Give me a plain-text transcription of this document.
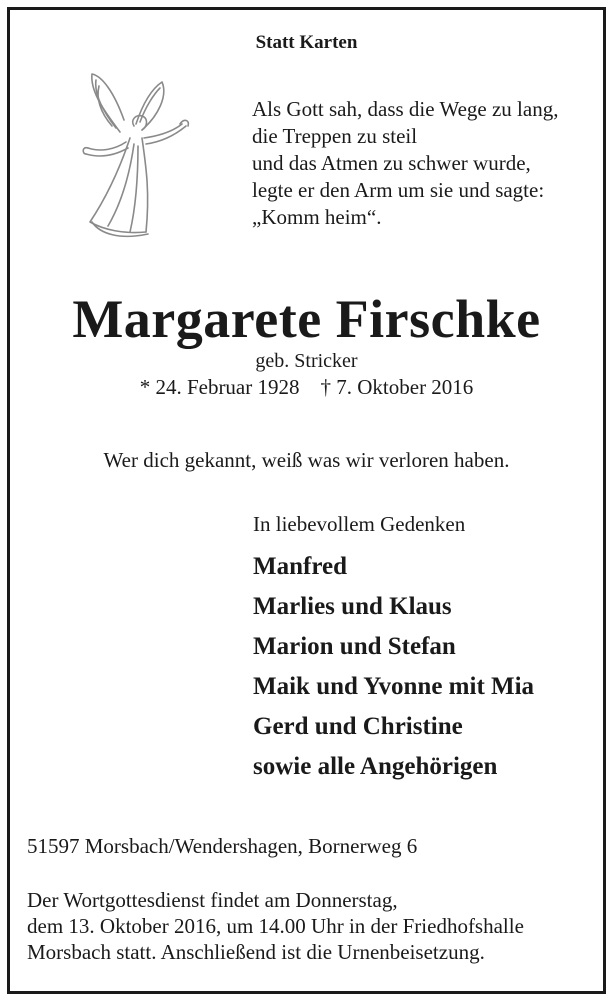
Statt Karten
Als Gott sah, dass die Wege zu lang,
die Treppen zu steil
und das Atmen zu schwer wurde,
legte er den Arm um sie und sagte:
„Komm heim“.
Margarete Firschke
geb. Stricker
* 24. Februar 1928    † 7. Oktober 2016
Wer dich gekannt, weiß was wir verloren haben.
In liebevollem Gedenken
Manfred
Marlies und Klaus
Marion und Stefan
Maik und Yvonne mit Mia
Gerd und Christine
sowie alle Angehörigen
51597 Morsbach/Wendershagen, Bornerweg 6
Der Wortgottesdienst findet am Donnerstag,
dem 13. Oktober 2016, um 14.00 Uhr in der Friedhofshalle
Morsbach statt. Anschließend ist die Urnenbeisetzung.
